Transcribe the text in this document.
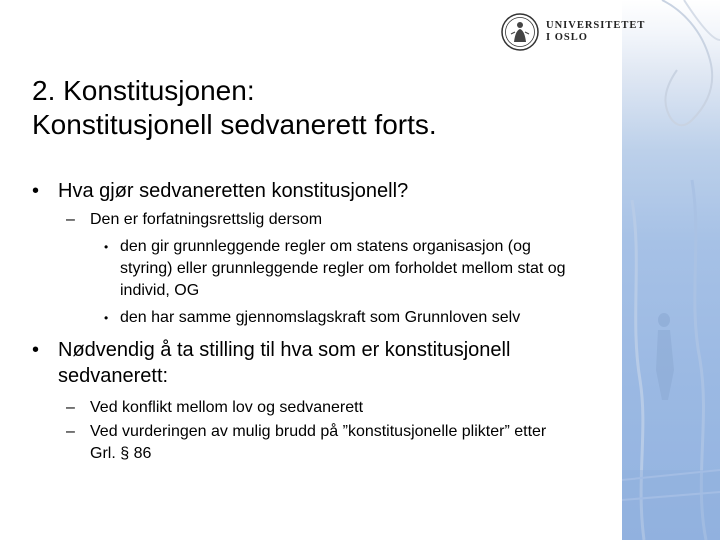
UNIVERSITETET
I OSLO
2. Konstitusjonen:
Konstitusjonell sedvanerett forts.
• Hva gjør sedvaneretten konstitusjonell?
– Den er forfatningsrettslig dersom
• den gir grunnleggende regler om statens organisasjon (og
styring) eller grunnleggende regler om forholdet mellom stat og
individ, OG
• den har samme gjennomslagskraft som Grunnloven selv
• Nødvendig å ta stilling til hva som er konstitusjonell
sedvanerett:
– Ved konflikt mellom lov og sedvanerett
– Ved vurderingen av mulig brudd på ”konstitusjonelle plikter” etter
Grl. § 86
